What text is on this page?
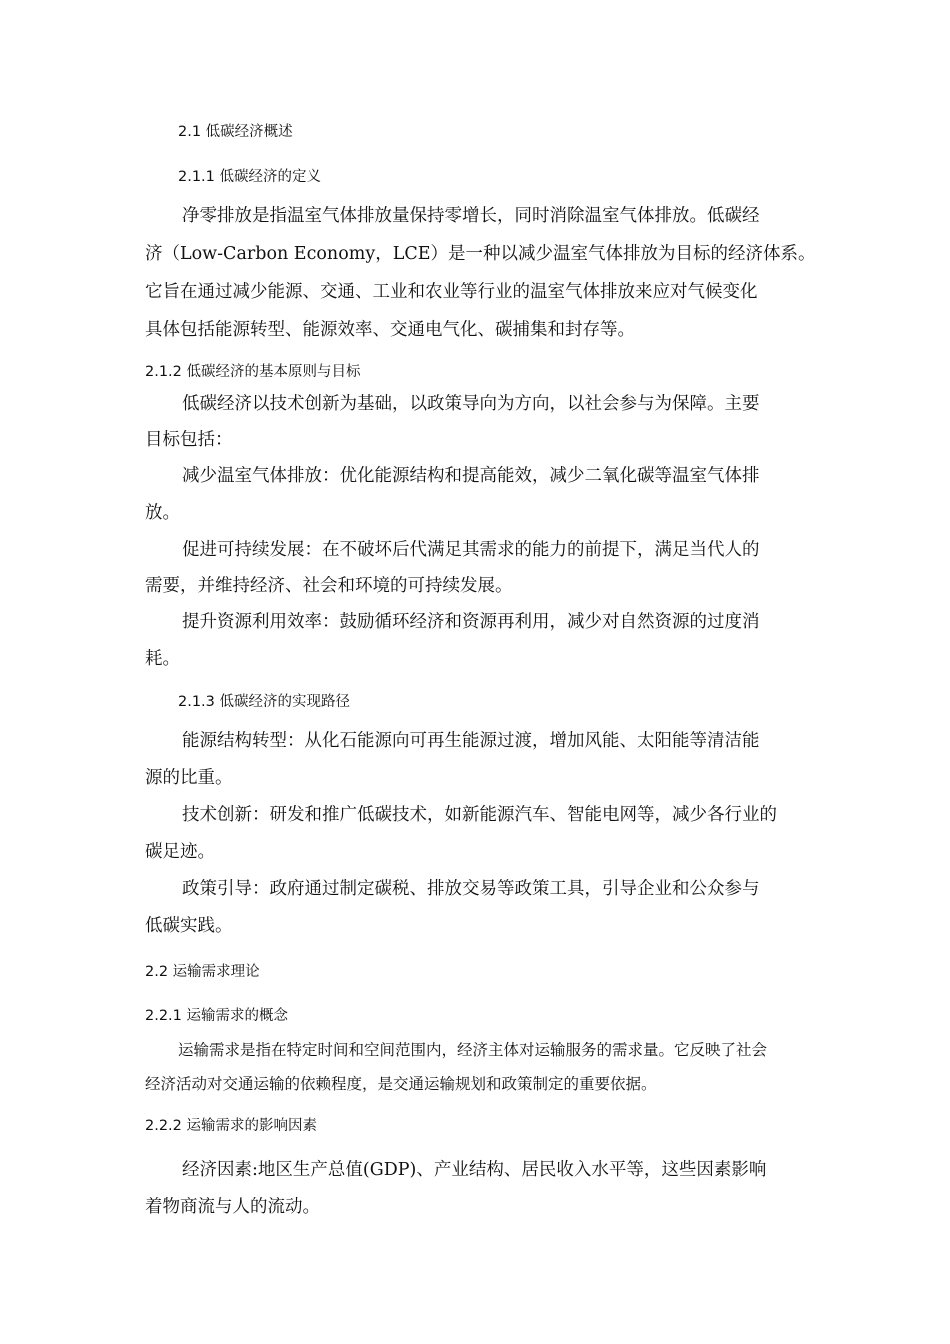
2.1 低碳经济概述
2.1.1 低碳经济的定义
净零排放是指温室气体排放量保持零增长，同时消除温室气体排放。低碳经
济（Low-Carbon Economy，LCE）是一种以减少温室气体排放为目标的经济体系。
它旨在通过减少能源、交通、工业和农业等行业的温室气体排放来应对气候变化
具体包括能源转型、能源效率、交通电气化、碳捕集和封存等。
2.1.2 低碳经济的基本原则与目标
低碳经济以技术创新为基础，以政策导向为方向，以社会参与为保障。主要
目标包括：
减少温室气体排放：优化能源结构和提高能效，减少二氧化碳等温室气体排
放。
促进可持续发展：在不破坏后代满足其需求的能力的前提下，满足当代人的
需要，并维持经济、社会和环境的可持续发展。
提升资源利用效率：鼓励循环经济和资源再利用，减少对自然资源的过度消
耗。
2.1.3 低碳经济的实现路径
能源结构转型：从化石能源向可再生能源过渡，增加风能、太阳能等清洁能
源的比重。
技术创新：研发和推广低碳技术，如新能源汽车、智能电网等，减少各行业的
碳足迹。
政策引导：政府通过制定碳税、排放交易等政策工具，引导企业和公众参与
低碳实践。
2.2 运输需求理论
2.2.1 运输需求的概念
运输需求是指在特定时间和空间范围内，经济主体对运输服务的需求量。它反映了社会
经济活动对交通运输的依赖程度，是交通运输规划和政策制定的重要依据。
2.2.2 运输需求的影响因素
经济因素:地区生产总值(GDP)、产业结构、居民收入水平等，这些因素影响
着物商流与人的流动。
